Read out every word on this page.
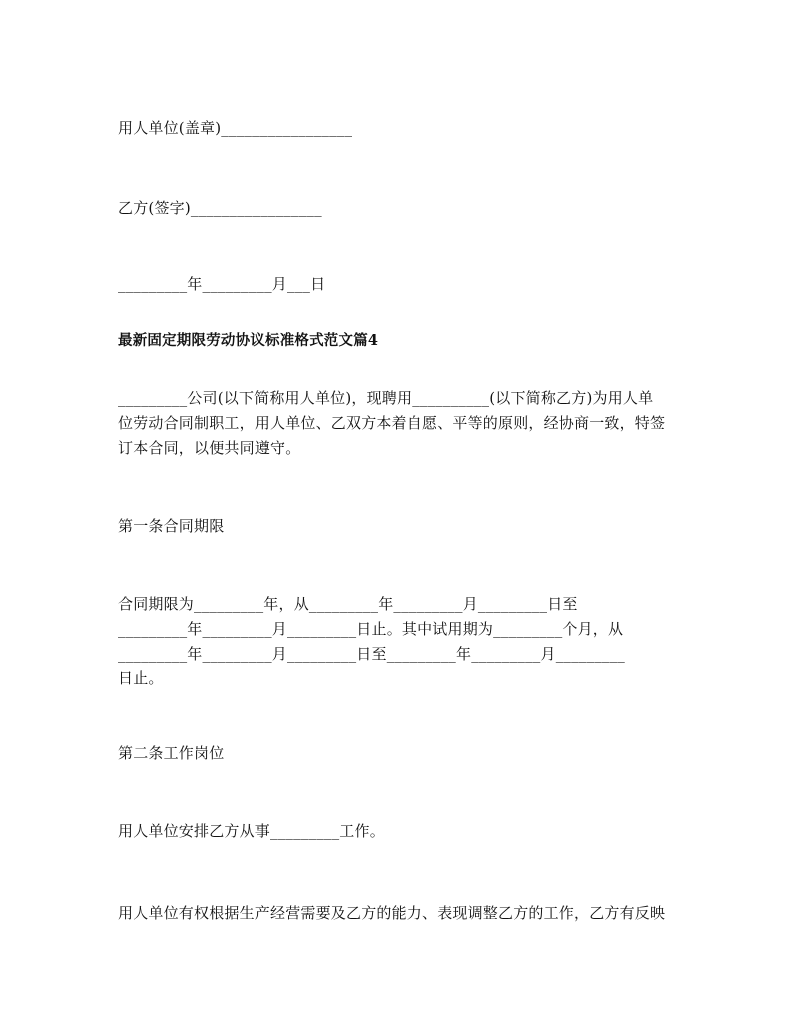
用人单位(盖章)_________________
乙方(签字)_________________
_________年_________月___日
最新固定期限劳动协议标准格式范文篇4
_________公司(以下简称用人单位)，现聘用__________(以下简称乙方)为用人单
位劳动合同制职工，用人单位、乙双方本着自愿、平等的原则，经协商一致，特签
订本合同，以便共同遵守。
第一条合同期限
合同期限为_________年，从_________年_________月_________日至
_________年_________月_________日止。其中试用期为_________个月，从
_________年_________月_________日至_________年_________月_________
日止。
第二条工作岗位
用人单位安排乙方从事_________工作。
用人单位有权根据生产经营需要及乙方的能力、表现调整乙方的工作，乙方有反映
